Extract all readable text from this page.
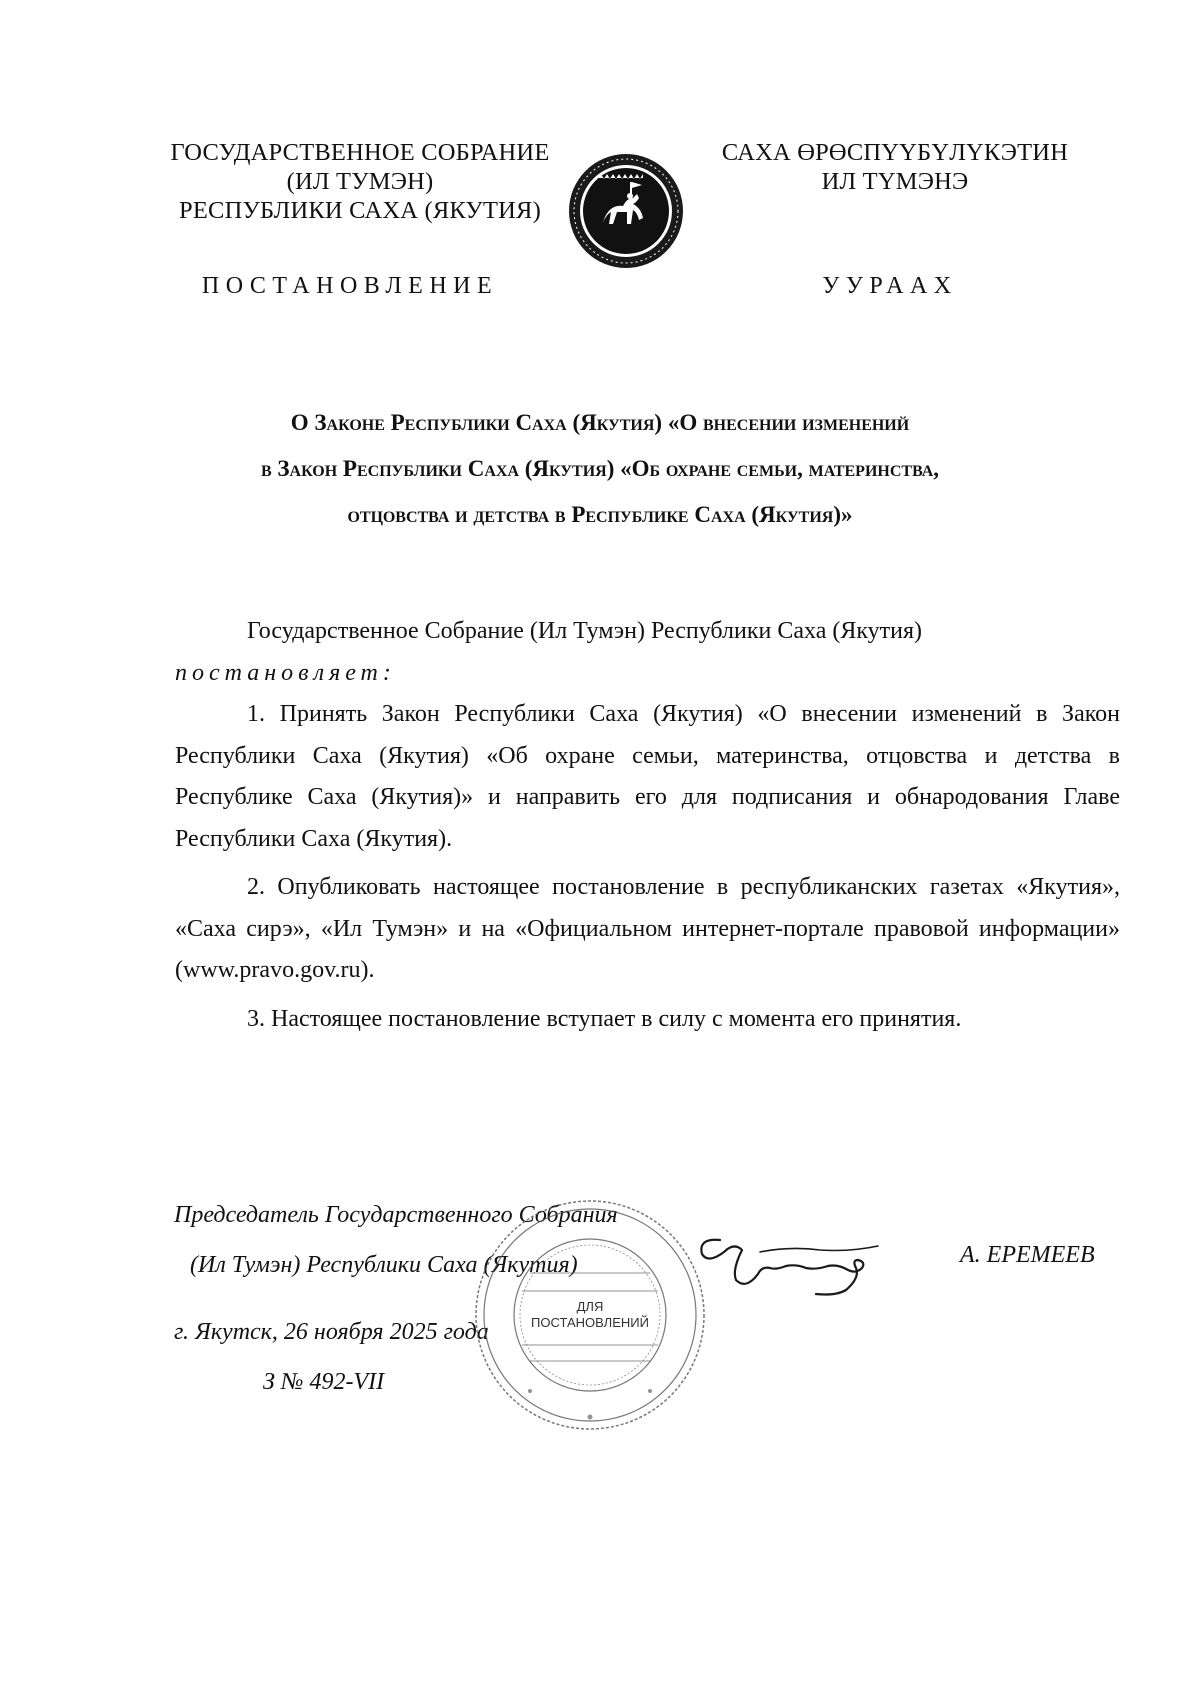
ГОСУДАРСТВЕННОЕ СОБРАНИЕ
(ИЛ ТУМЭН)
РЕСПУБЛИКИ САХА (ЯКУТИЯ)
САХА ӨРӨСПҮҮБҮЛҮКЭТИН
ИЛ ТҮМЭНЭ
ПОСТАНОВЛЕНИЕ	УУРААХ
О Законе Республики Саха (Якутия) «О внесении изменений
в Закон Республики Саха (Якутия) «Об охране семьи, материнства,
отцовства и детства в Республике Саха (Якутия)»

Государственное Собрание (Ил Тумэн) Республики Саха (Якутия)

постановляет:

1. Принять Закон Республики Саха (Якутия) «О внесении изменений в Закон Республики Саха (Якутия) «Об охране семьи, материнства, отцовства и детства в Республике Саха (Якутия)» и направить его для подписания и обнародования Главе Республики Саха (Якутия).

2. Опубликовать настоящее постановление в республиканских газетах «Якутия», «Саха сирэ», «Ил Тумэн» и на «Официальном интернет-портале правовой информации» (www.pravo.gov.ru).

3. Настоящее постановление вступает в силу с момента его принятия.

Председатель Государственного Собрания
(Ил Тумэн) Республики Саха (Якутия)	А. ЕРЕМЕЕВ
г. Якутск, 26 ноября 2025 года
З № 492-VII
ДЛЯ
ПОСТАНОВЛЕНИЙ
